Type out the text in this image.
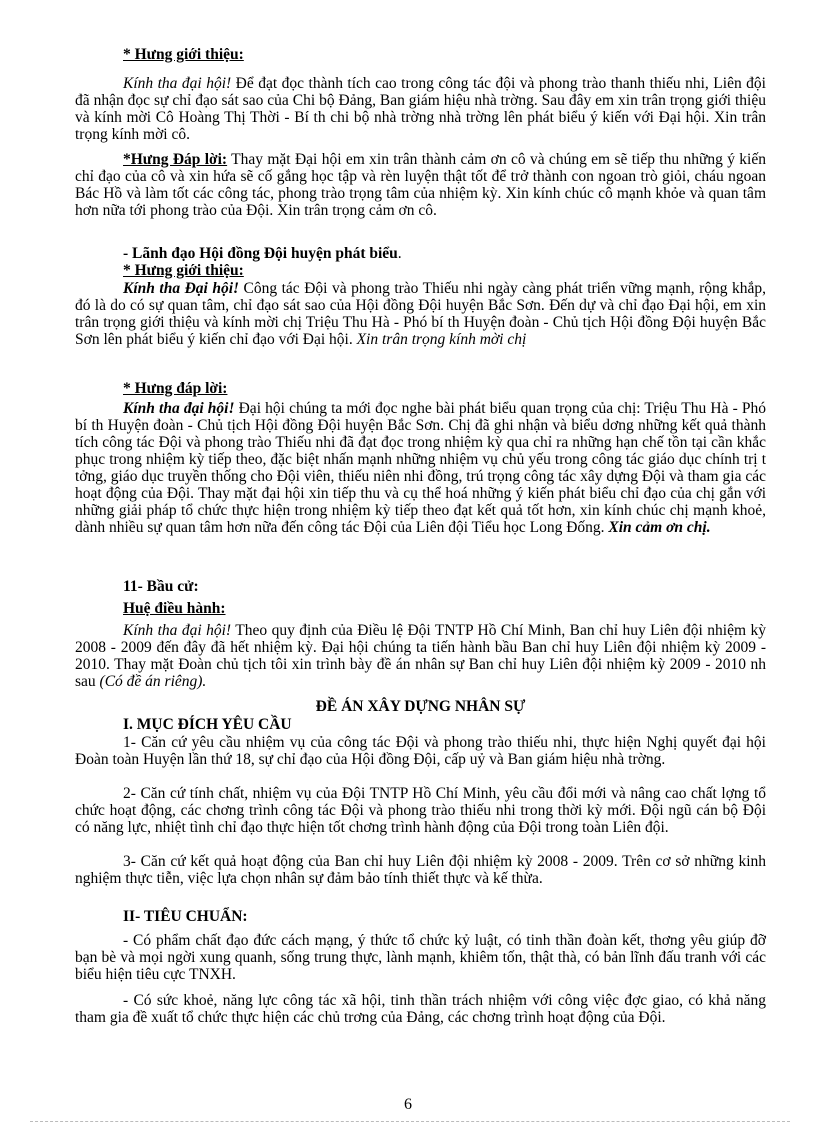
* Hưng giới thiệu:
Kính tha đại hội! Để đạt đọc thành tích cao trong công tác đội và phong trào thanh thiếu nhi, Liên đội đã nhận đọc sự chỉ đạo sát sao của Chi bộ Đảng, Ban giám hiệu nhà trờng. Sau đây em xin trân trọng giới thiệu và kính mời Cô Hoàng Thị Thời - Bí th chi bộ nhà trờng nhà trờng lên phát biểu ý kiến với Đại hội. Xin trân trọng kính mời cô.
*Hưng Đáp lời: Thay mặt Đại hội em xin trân thành cảm ơn cô và chúng em sẽ tiếp thu những ý kiến chỉ đạo của cô và xin hứa sẽ cố gắng học tập và rèn luyện thật tốt để trở thành con ngoan trò giỏi, cháu ngoan Bác Hồ và làm tốt các công tác, phong trào trọng tâm của nhiệm kỳ. Xin kính chúc cô mạnh khỏe và quan tâm hơn nữa tới phong trào của Đội. Xin trân trọng cảm ơn cô.
- Lãnh đạo Hội đồng Đội huyện phát biểu.
* Hưng giới thiệu:
Kính tha Đại hội! Công tác Đội và phong trào Thiếu nhi ngày càng phát triển vững mạnh, rộng khắp, đó là do có sự quan tâm, chỉ đạo sát sao của Hội đồng Đội huyện Bắc Sơn. Đến dự và chỉ đạo Đại hội, em xin trân trọng giới thiệu và kính mời chị Triệu Thu Hà - Phó bí th Huyện đoàn - Chủ tịch Hội đồng Đội huyện Bắc Sơn lên phát biểu ý kiến chỉ đạo với Đại hội. Xin trân trọng kính mời chị
* Hưng đáp lời:
Kính tha đại hội! Đại hội chúng ta mới đọc nghe bài phát biểu quan trọng của chị: Triệu Thu Hà - Phó bí th Huyện đoàn - Chủ tịch Hội đồng Đội huyện Bắc Sơn. Chị đã ghi nhận và biểu dơng những kết quả thành tích công tác Đội và phong trào Thiếu nhi đã đạt đọc trong nhiệm kỳ qua chỉ ra những hạn chế tồn tại cần khắc phục trong nhiệm kỳ tiếp theo, đặc biệt nhấn mạnh những nhiệm vụ chủ yếu trong công tác giáo dục chính trị t tởng, giáo dục truyền thống cho Đội viên, thiếu niên nhi đồng, trú trọng công tác xây dựng Đội và tham gia các hoạt động của Đội. Thay mặt đại hội xin tiếp thu và cụ thể hoá những ý kiến phát biểu chỉ đạo của chị gắn với những giải pháp tổ chức thực hiện trong nhiệm kỳ tiếp theo đạt kết quả tốt hơn, xin kính chúc chị mạnh khoẻ, dành nhiều sự quan tâm hơn nữa đến công tác Đội của Liên đội Tiểu học Long Đống. Xin cảm ơn chị.
11- Bầu cử:
Huệ điều hành:
Kính tha đại hội! Theo quy định của Điều lệ Đội TNTP Hồ Chí Minh, Ban chỉ huy Liên đội nhiệm kỳ 2008 - 2009 đến đây đã hết nhiệm kỳ. Đại hội chúng ta tiến hành bầu Ban chỉ huy Liên đội nhiệm kỳ 2009 - 2010. Thay mặt Đoàn chủ tịch tôi xin trình bày đề án nhân sự Ban chỉ huy Liên đội nhiệm kỳ 2009 - 2010 nh sau (Có đề án riêng).
ĐỀ ÁN XÂY DỰNG NHÂN SỰ
I. MỤC ĐÍCH YÊU CẦU
1- Căn cứ yêu cầu nhiệm vụ của công tác Đội và phong trào thiếu nhi, thực hiện Nghị quyết đại hội Đoàn toàn Huyện lần thứ 18, sự chỉ đạo của Hội đồng Đội, cấp uỷ và Ban giám hiệu nhà trờng.
2- Căn cứ tính chất, nhiệm vụ của Đội TNTP Hồ Chí Minh, yêu cầu đổi mới và nâng cao chất lợng tổ chức hoạt động, các chơng trình công tác Đội và phong trào thiếu nhi trong thời kỳ mới. Đội ngũ cán bộ Đội có năng lực, nhiệt tình chỉ đạo thực hiện tốt chơng trình hành động của Đội trong toàn Liên đội.
3- Căn cứ kết quả hoạt động của Ban chỉ huy Liên đội nhiệm kỳ 2008 - 2009. Trên cơ sở những kinh nghiệm thực tiễn, việc lựa chọn nhân sự đảm bảo tính thiết thực và kế thừa.
II- TIÊU CHUẨN:
- Có phẩm chất đạo đức cách mạng, ý thức tổ chức kỷ luật, có tinh thần đoàn kết, thơng yêu giúp đỡ bạn bè và mọi ngời xung quanh, sống trung thực, lành mạnh, khiêm tốn, thật thà, có bản lĩnh đấu tranh với các biểu hiện tiêu cực TNXH.
- Có sức khoẻ, năng lực công tác xã hội, tinh thần trách nhiệm với công việc đợc giao, có khả năng tham gia đề xuất tổ chức thực hiện các chủ trơng của Đảng, các chơng trình hoạt động của Đội.
6
